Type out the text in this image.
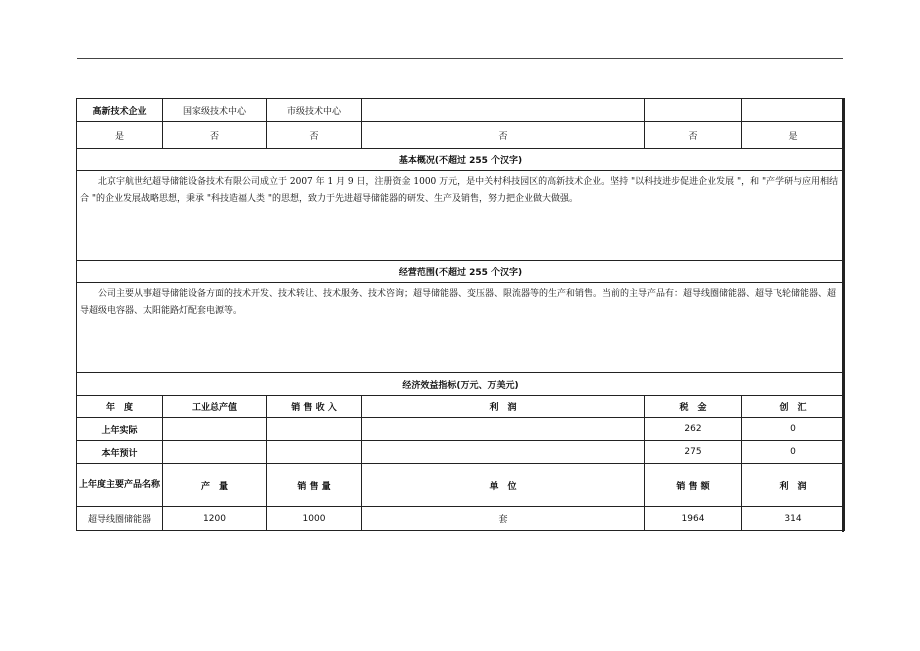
高新技术企业	国家级技术中心	市级技术中心			
是	否	否	否	否	是
基本概况(不超过 255 个汉字)					
北京宇航世纪超导储能设备技术有限公司成立于 2007 年 1 月 9 日，注册资金 1000 万元，是中关村科技园区的高新技术企业。坚持 "以科技进步促进企业发展 "，和 "产学研与应用相结合 "的企业发展战略思想，秉承 "科技造福人类 "的思想，致力于先进超导储能器的研发、生产及销售，努力把企业做大做强。					
经营范围(不超过 255 个汉字)					
公司主要从事超导储能设备方面的技术开发、技术转让、技术服务、技术咨询；超导储能器、变压器、限流器等的生产和销售。当前的主导产品有：超导线圈储能器、超导飞轮储能器、超导超级电容器、太阳能路灯配套电源等。					
经济效益指标(万元、万美元)					
年　度	工业总产值	销 售 收 入	利　润	税　金	创　汇
上年实际				262	0
本年预计				275	0
上年度主要产品名称	产　量	销 售 量	单　位	销 售 额	利　润
超导线圈储能器	1200	1000	套	1964	314
